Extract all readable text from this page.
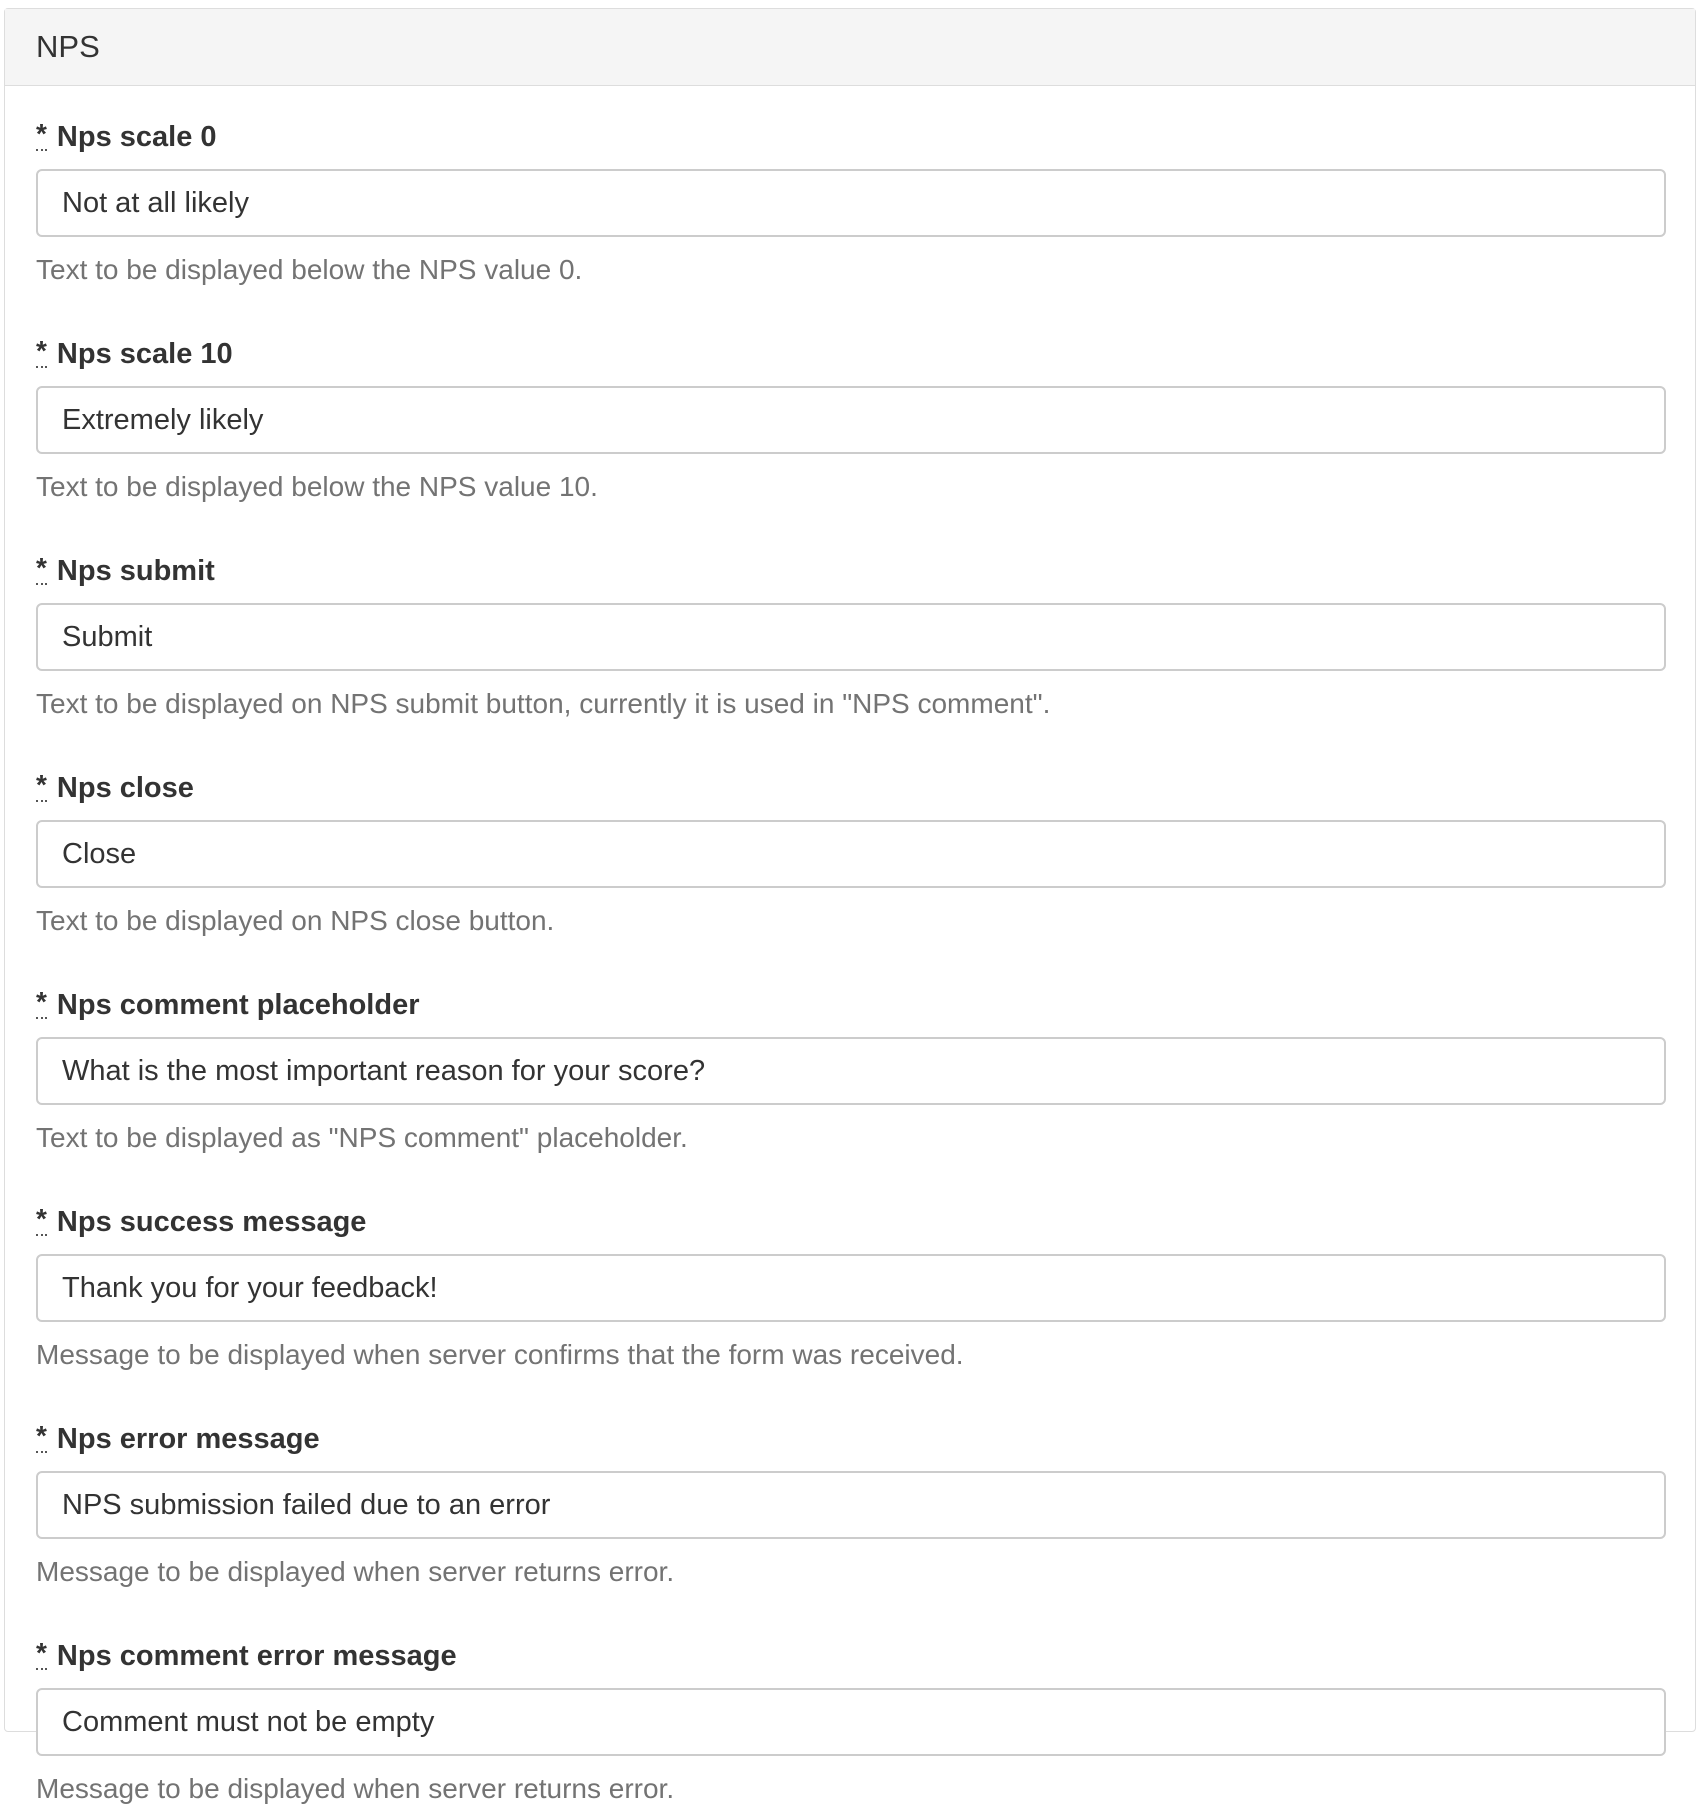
NPS
* Nps scale 0
Not at all likely
Text to be displayed below the NPS value 0.
* Nps scale 10
Extremely likely
Text to be displayed below the NPS value 10.
* Nps submit
Submit
Text to be displayed on NPS submit button, currently it is used in "NPS comment".
* Nps close
Close
Text to be displayed on NPS close button.
* Nps comment placeholder
What is the most important reason for your score?
Text to be displayed as "NPS comment" placeholder.
* Nps success message
Thank you for your feedback!
Message to be displayed when server confirms that the form was received.
* Nps error message
NPS submission failed due to an error
Message to be displayed when server returns error.
* Nps comment error message
Comment must not be empty
Message to be displayed when server returns error.
